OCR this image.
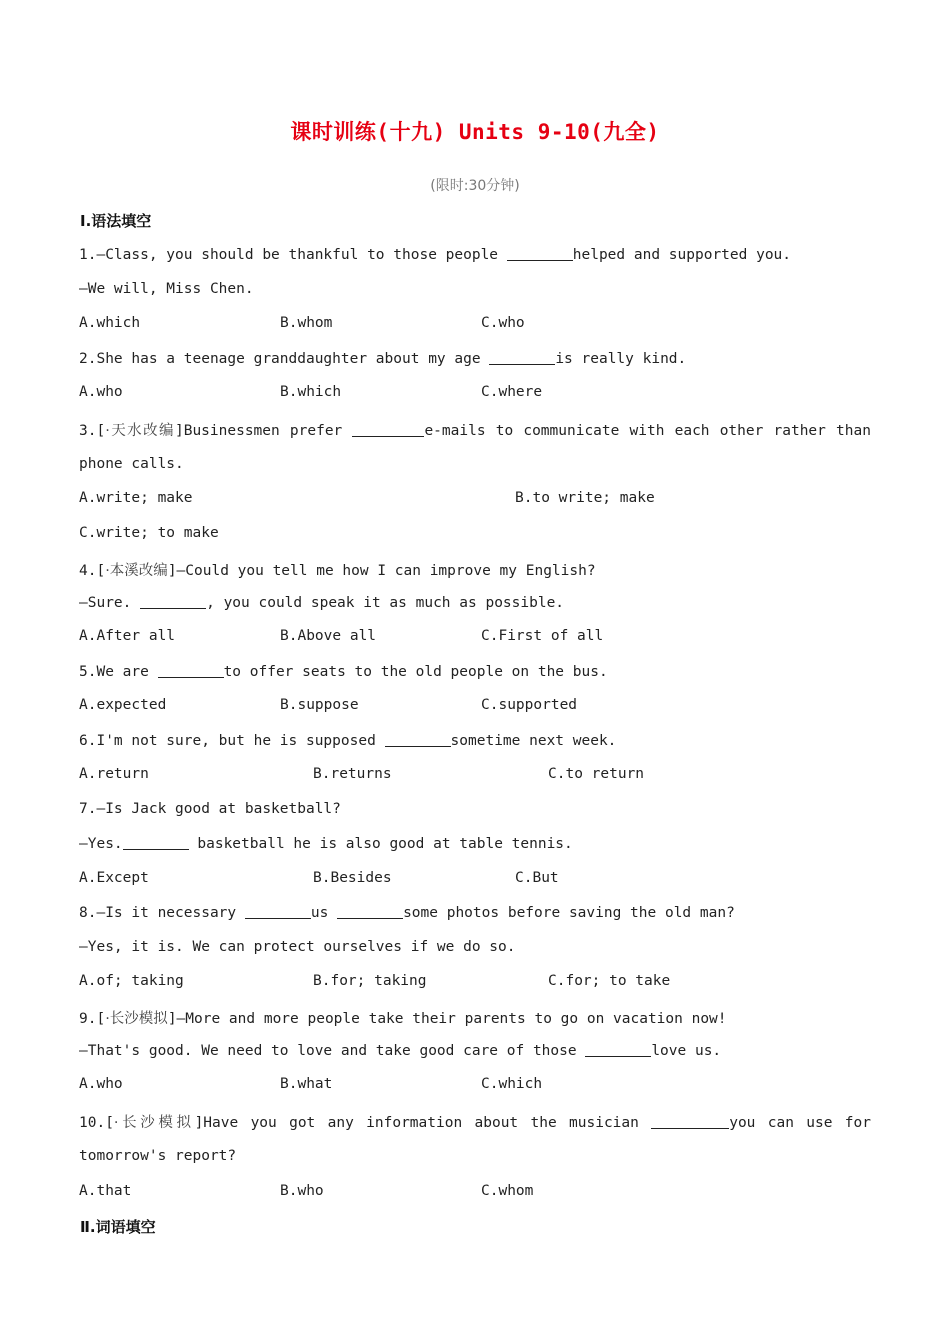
课时训练(十九) Units 9-10(九全)
(限时:30分钟)
Ⅰ.语法填空
1.—Class, you should be thankful to those people	helped and supported you.
—We will, Miss Chen.
A.which	B.whom	C.who
2.She has a teenage granddaughter about my age	is really kind.
A.who	B.which	C.where
3.[·天水改编]Businessmen prefer	e-mails to communicate with each other rather than
phone calls.
A.write; make	B.to write; make
C.write; to make
4.[·本溪改编]—Could you tell me how I can improve my English?
—Sure.	, you could speak it as much as possible.
A.After all	B.Above all	C.First of all
5.We are	to offer seats to the old people on the bus.
A.expected	B.suppose	C.supported
6.I'm not sure, but he is supposed	sometime next week.
A.return	B.returns	C.to return
7.—Is Jack good at basketball?
—Yes.	basketball he is also good at table tennis.
A.Except	B.Besides	C.But
8.—Is it necessary	us	some photos before saving the old man?
—Yes, it is. We can protect ourselves if we do so.
A.of; taking	B.for; taking	C.for; to take
9.[·长沙模拟]—More and more people take their parents to go on vacation now!
—That's good. We need to love and take good care of those	love us.
A.who	B.what	C.which
10.[·长沙模拟]Have you got any information about the musician	you can use for
tomorrow's report?
A.that	B.who	C.whom
Ⅱ.词语填空
